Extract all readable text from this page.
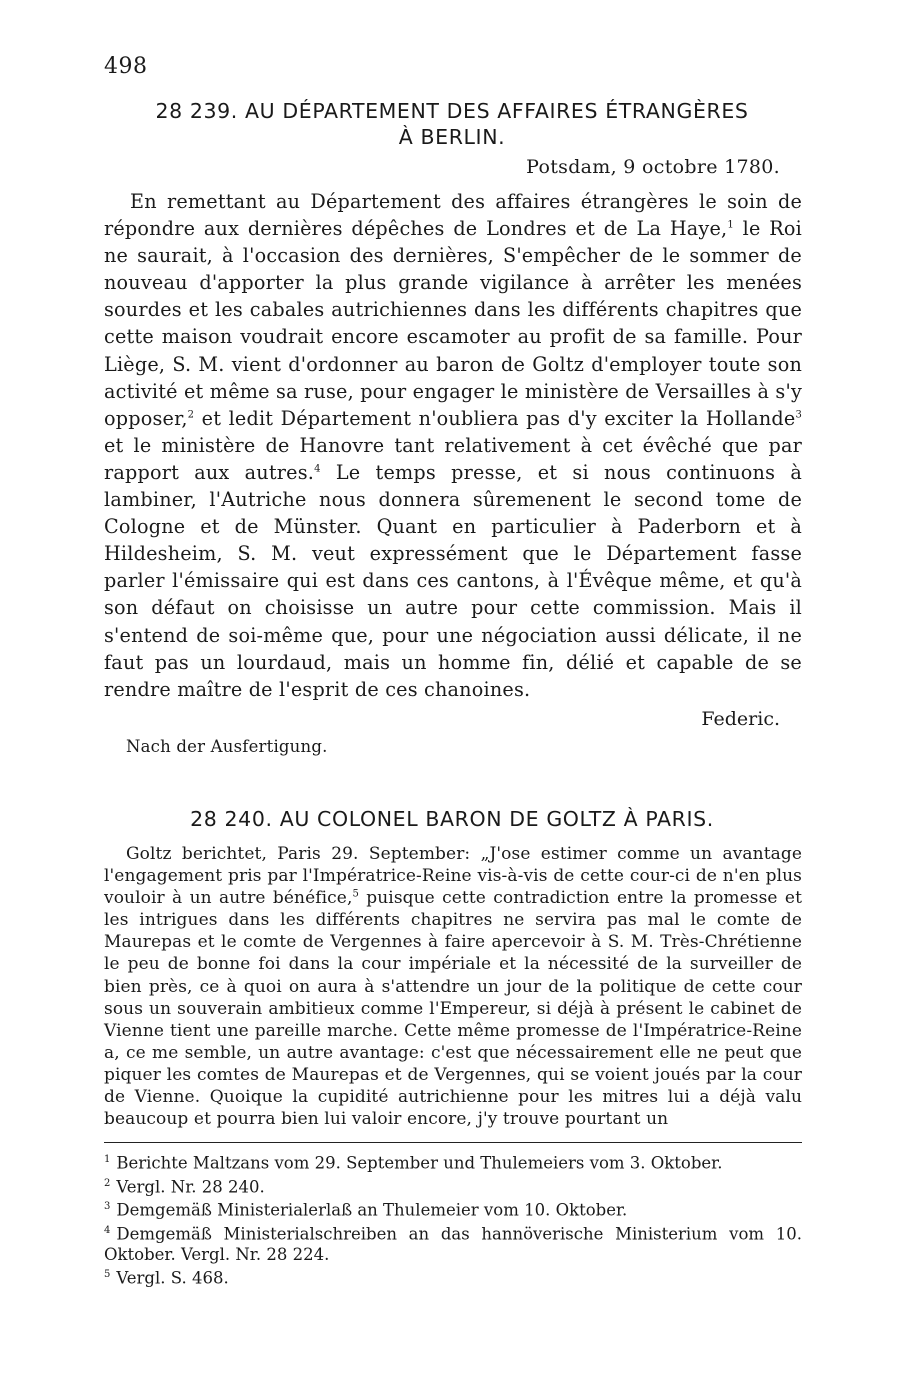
498
28 239. AU DÉPARTEMENT DES AFFAIRES ÉTRANGÈRES
À BERLIN.
Potsdam, 9 octobre 1780.

En remettant au Département des affaires étrangères le soin de répondre aux dernières dépêches de Londres et de La Haye,$^1$ le Roi ne saurait, à l'occasion des dernières, S'empêcher de le sommer de nouveau d'apporter la plus grande vigilance à arrêter les menées sourdes et les cabales autrichiennes dans les différents chapitres que cette maison voudrait encore escamoter au profit de sa famille. Pour Liège, S. M. vient d'ordonner au baron de Goltz d'employer toute son activité et même sa ruse, pour engager le ministère de Versailles à s'y opposer,$^2$ et ledit Département n'oubliera pas d'y exciter la Hollande$^3$ et le ministère de Hanovre tant relativement à cet évêché que par rapport aux autres.$^4$ Le temps presse, et si nous continuons à lambiner, l'Autriche nous donnera sûremenent le second tome de Cologne et de Münster. Quant en particulier à Paderborn et à Hildesheim, S. M. veut expressément que le Département fasse parler l'émissaire qui est dans ces cantons, à l'Évêque même, et qu'à son défaut on choisisse un autre pour cette commission. Mais il s'entend de soi-même que, pour une négociation aussi délicate, il ne faut pas un lourdaud, mais un homme fin, délié et capable de se rendre maître de l'esprit de ces chanoines.

Federic.
Nach der Ausfertigung.
28 240. AU COLONEL BARON DE GOLTZ À PARIS.

Goltz berichtet, Paris 29. September: „J'ose estimer comme un avantage l'engagement pris par l'Impératrice-Reine vis-à-vis de cette cour-ci de n'en plus vouloir à un autre bénéfice,$^5$ puisque cette contradiction entre la promesse et les intrigues dans les différents chapitres ne servira pas mal le comte de Maurepas et le comte de Vergennes à faire apercevoir à S. M. Très-Chrétienne le peu de bonne foi dans la cour impériale et la nécessité de la surveiller de bien près, ce à quoi on aura à s'attendre un jour de la politique de cette cour sous un souverain ambitieux comme l'Empereur, si déjà à présent le cabinet de Vienne tient une pareille marche. Cette même promesse de l'Impératrice-Reine a, ce me semble, un autre avantage: c'est que nécessairement elle ne peut que piquer les comtes de Maurepas et de Vergennes, qui se voient joués par la cour de Vienne. Quoique la cupidité autrichienne pour les mitres lui a déjà valu beaucoup et pourra bien lui valoir encore, j'y trouve pourtant un

$^1$ Berichte Maltzans vom 29. September und Thulemeiers vom 3. Oktober.
$^2$ Vergl. Nr. 28 240.
$^3$ Demgemäß Ministerialerlaß an Thulemeier vom 10. Oktober.
$^4$ Demgemäß Ministerialschreiben an das hannöverische Ministerium vom 10. Oktober. Vergl. Nr. 28 224.
$^5$ Vergl. S. 468.
